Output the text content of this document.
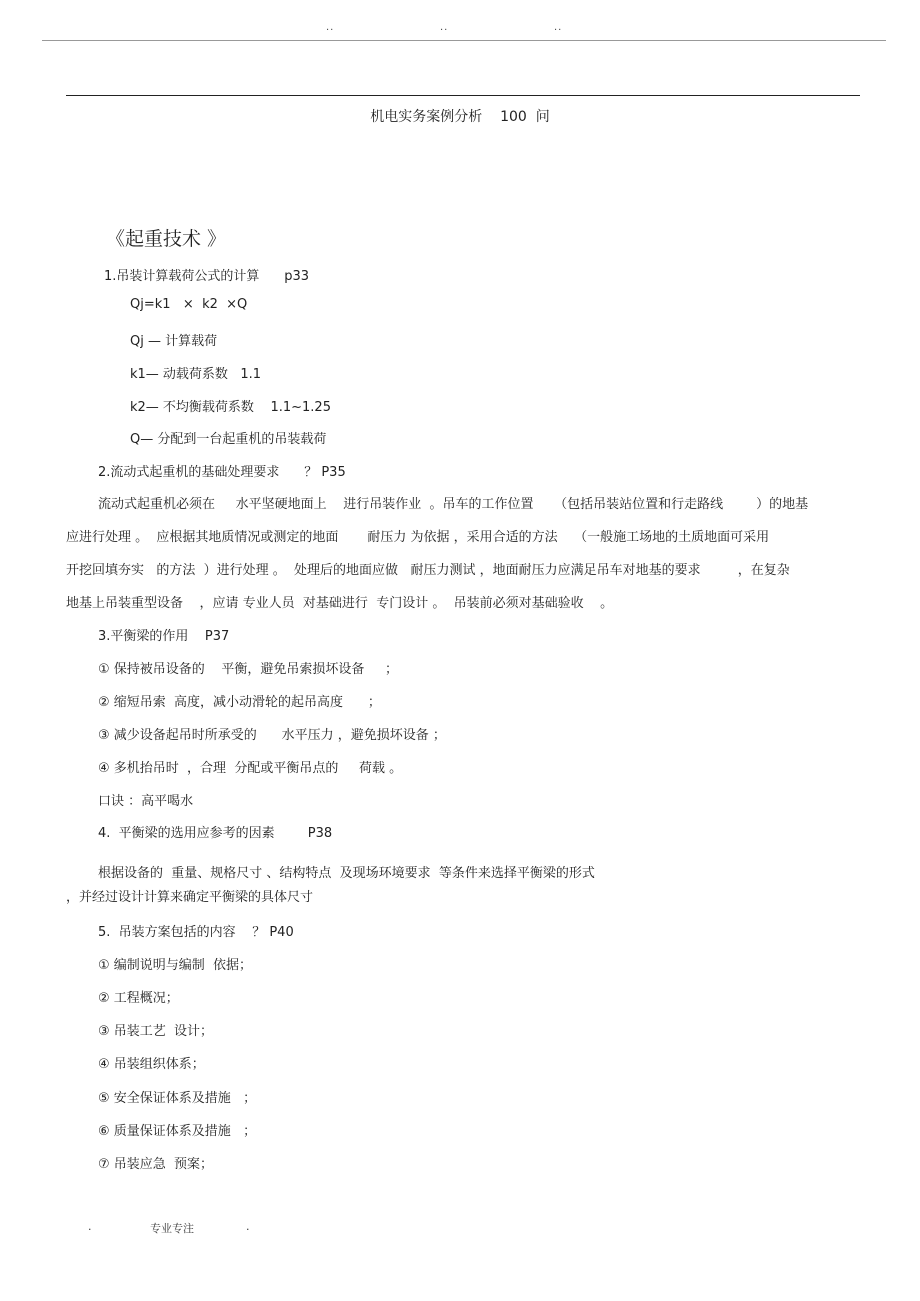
..	..	..
机电实务案例分析    100  问
《起重技术 》
1.吊装计算载荷公式的计算      p33
Qj=k1   ×  k2  ×Q
Qj — 计算载荷
k1— 动载荷系数   1.1
k2— 不均衡载荷系数    1.1~1.25
Q— 分配到一台起重机的吊装载荷
2.流动式起重机的基础处理要求      ？ P35
流动式起重机必须在     水平坚硬地面上    进行吊装作业  。吊车的工作位置     （包括吊装站位置和行走路线        ）的地基
应进行处理 。  应根据其地质情况或测定的地面       耐压力 为依据 ，采用合适的方法    （一般施工场地的土质地面可采用
开挖回填夯实   的方法  ）进行处理 。  处理后的地面应做   耐压力测试 ，地面耐压力应满足吊车对地基的要求         ，在复杂
地基上吊装重型设备    ，应请 专业人员  对基础进行  专门设计 。  吊装前必须对基础验收    。
3.平衡梁的作用    P37
① 保持被吊设备的    平衡，避免吊索损坏设备     ；
② 缩短吊索  高度，减小动滑轮的起吊高度      ；
③ 减少设备起吊时所承受的      水平压力 ，避免损坏设备 ；
④ 多机抬吊时  ，合理  分配或平衡吊点的     荷载 。
口诀 ：高平喝水
4.  平衡梁的选用应参考的因素        P38
根据设备的  重量、规格尺寸 、结构特点  及现场环境要求  等条件来选择平衡梁的形式
，并经过设计计算来确定平衡梁的具体尺寸
5.  吊装方案包括的内容    ？ P40
① 编制说明与编制  依据；
② 工程概况；
③ 吊装工艺  设计；
④ 吊装组织体系；
⑤ 安全保证体系及措施   ；
⑥ 质量保证体系及措施   ；
⑦ 吊装应急  预案；
.	专业专注	.
